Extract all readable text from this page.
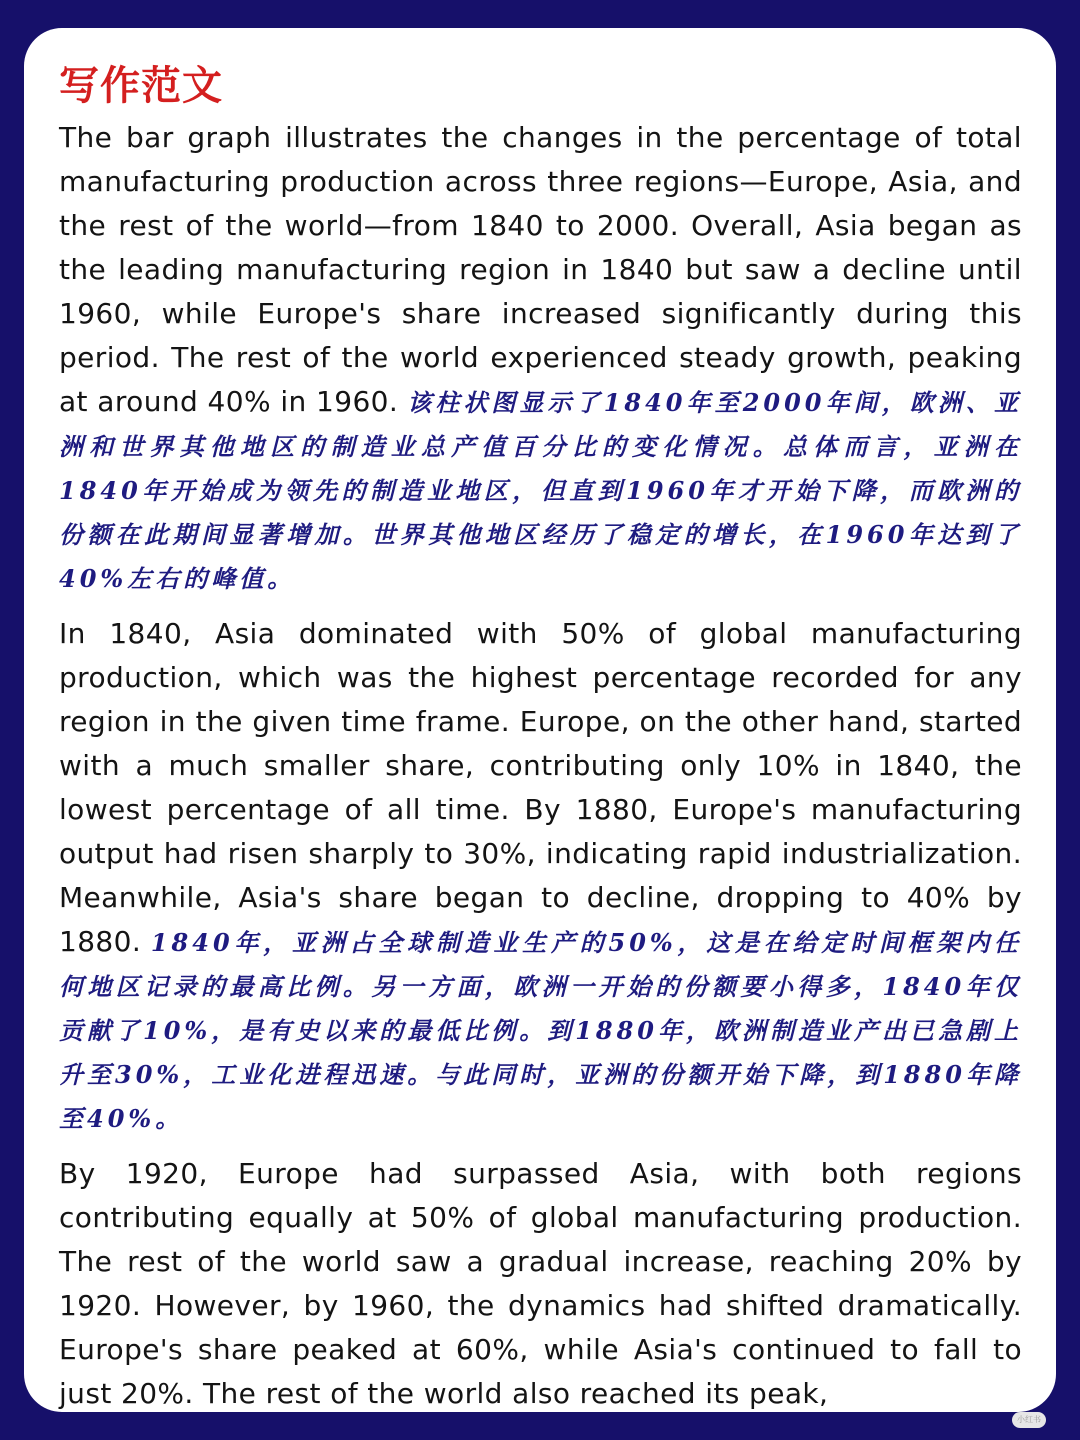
写作范文

The bar graph illustrates the changes in the percentage of total manufacturing production across three regions—Europe, Asia, and the rest of the world—from 1840 to 2000. Overall, Asia began as the leading manufacturing region in 1840 but saw a decline until 1960, while Europe's share increased significantly during this period. The rest of the world experienced steady growth, peaking at around 40% in 1960. 该柱状图显示了1840年至2000年间，欧洲、亚洲和世界其他地区的制造业总产值百分比的变化情况。总体而言，亚洲在1840年开始成为领先的制造业地区，但直到1960年才开始下降，而欧洲的份额在此期间显著增加。世界其他地区经历了稳定的增长，在1960年达到了40%左右的峰值。

In 1840, Asia dominated with 50% of global manufacturing production, which was the highest percentage recorded for any region in the given time frame. Europe, on the other hand, started with a much smaller share, contributing only 10% in 1840, the lowest percentage of all time. By 1880, Europe's manufacturing output had risen sharply to 30%, indicating rapid industrialization. Meanwhile, Asia's share began to decline, dropping to 40% by 1880. 1840年，亚洲占全球制造业生产的50%，这是在给定时间框架内任何地区记录的最高比例。另一方面，欧洲一开始的份额要小得多，1840年仅贡献了10%，是有史以来的最低比例。到1880年，欧洲制造业产出已急剧上升至30%，工业化进程迅速。与此同时，亚洲的份额开始下降，到1880年降至40%。

By 1920, Europe had surpassed Asia, with both regions contributing equally at 50% of global manufacturing production. The rest of the world saw a gradual increase, reaching 20% by 1920. However, by 1960, the dynamics had shifted dramatically. Europe's share peaked at 60%, while Asia's continued to fall to just 20%. The rest of the world also reached its peak,

小红书
